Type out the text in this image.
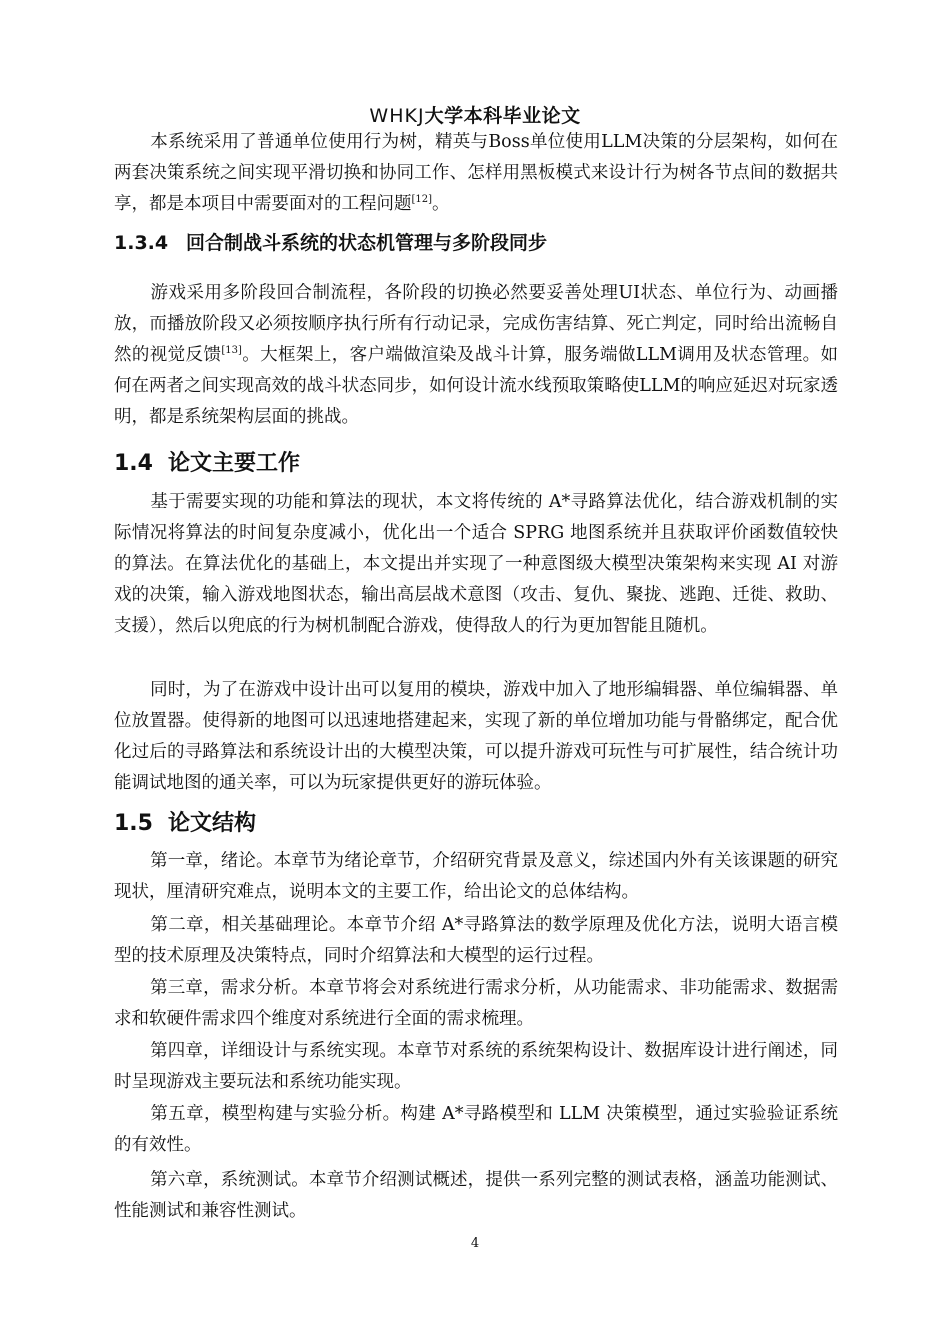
WHKJ大学本科毕业论文

本系统采用了普通单位使用行为树，精英与Boss单位使用LLM决策的分层架构，如何在两套决策系统之间实现平滑切换和协同工作、怎样用黑板模式来设计行为树各节点间的数据共享，都是本项目中需要面对的工程问题[12]。

1.3.4 回合制战斗系统的状态机管理与多阶段同步

游戏采用多阶段回合制流程，各阶段的切换必然要妥善处理UI状态、单位行为、动画播放，而播放阶段又必须按顺序执行所有行动记录，完成伤害结算、死亡判定，同时给出流畅自然的视觉反馈[13]。大框架上，客户端做渲染及战斗计算，服务端做LLM调用及状态管理。如何在两者之间实现高效的战斗状态同步，如何设计流水线预取策略使LLM的响应延迟对玩家透明，都是系统架构层面的挑战。

1.4 论文主要工作

基于需要实现的功能和算法的现状，本文将传统的 A*寻路算法优化，结合游戏机制的实际情况将算法的时间复杂度减小，优化出一个适合 SPRG 地图系统并且获取评价函数值较快的算法。在算法优化的基础上，本文提出并实现了一种意图级大模型决策架构来实现 AI 对游戏的决策，输入游戏地图状态，输出高层战术意图（攻击、复仇、聚拢、逃跑、迁徙、救助、支援），然后以兜底的行为树机制配合游戏，使得敌人的行为更加智能且随机。

同时，为了在游戏中设计出可以复用的模块，游戏中加入了地形编辑器、单位编辑器、单位放置器。使得新的地图可以迅速地搭建起来，实现了新的单位增加功能与骨骼绑定，配合优化过后的寻路算法和系统设计出的大模型决策，可以提升游戏可玩性与可扩展性，结合统计功能调试地图的通关率，可以为玩家提供更好的游玩体验。

1.5 论文结构

第一章，绪论。本章节为绪论章节，介绍研究背景及意义，综述国内外有关该课题的研究现状，厘清研究难点，说明本文的主要工作，给出论文的总体结构。

第二章，相关基础理论。本章节介绍 A*寻路算法的数学原理及优化方法，说明大语言模型的技术原理及决策特点，同时介绍算法和大模型的运行过程。

第三章，需求分析。本章节将会对系统进行需求分析，从功能需求、非功能需求、数据需求和软硬件需求四个维度对系统进行全面的需求梳理。

第四章，详细设计与系统实现。本章节对系统的系统架构设计、数据库设计进行阐述，同时呈现游戏主要玩法和系统功能实现。

第五章，模型构建与实验分析。构建 A*寻路模型和 LLM 决策模型，通过实验验证系统的有效性。

第六章，系统测试。本章节介绍测试概述，提供一系列完整的测试表格，涵盖功能测试、性能测试和兼容性测试。

4
